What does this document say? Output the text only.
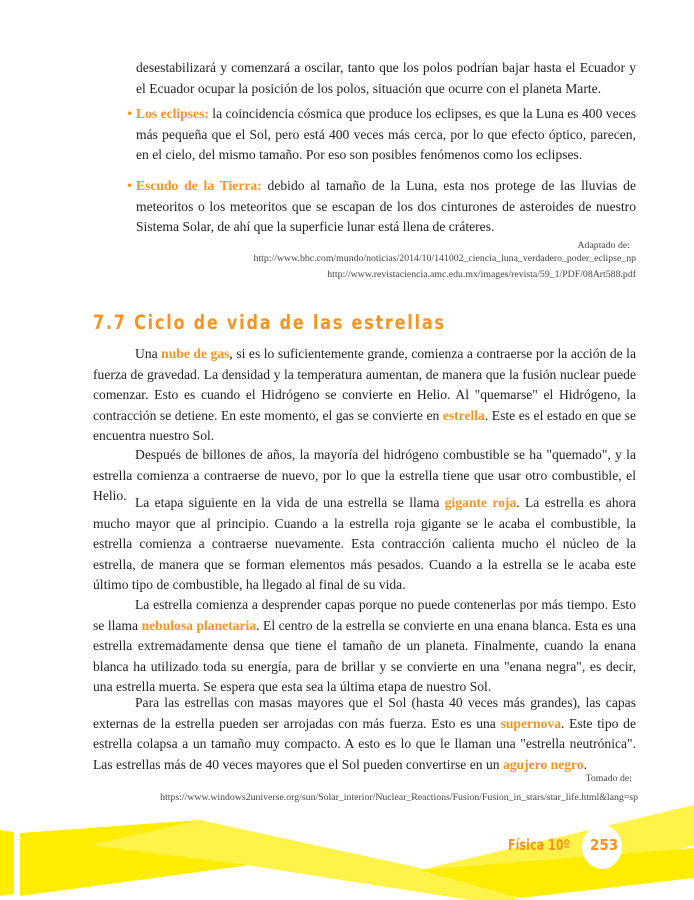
desestabilizará y comenzará a oscilar, tanto que los polos podrían bajar hasta el Ecuador y el Ecuador ocupar la posición de los polos, situación que ocurre con el planeta Marte.
• Los eclipses: la coincidencia cósmica que produce los eclipses, es que la Luna es 400 veces más pequeña que el Sol, pero está 400 veces más cerca, por lo que efecto óptico, parecen, en el cielo, del mismo tamaño. Por eso son posibles fenómenos como los eclipses.
• Escudo de la Tierra: debido al tamaño de la Luna, esta nos protege de las lluvias de meteoritos o los meteoritos que se escapan de los dos cinturones de asteroides de nuestro Sistema Solar, de ahí que la superficie lunar está llena de cráteres.
Adaptado de:
http://www.bbc.com/mundo/noticias/2014/10/141002_ciencia_luna_verdadero_poder_eclipse_np
http://www.revistaciencia.amc.edu.mx/images/revista/59_1/PDF/08Art588.pdf
7.7 Ciclo de vida de las estrellas
Una nube de gas, si es lo suficientemente grande, comienza a contraerse por la acción de la fuerza de gravedad. La densidad y la temperatura aumentan, de manera que la fusión nuclear puede comenzar. Esto es cuando el Hidrógeno se convierte en Helio. Al "quemarse" el Hidrógeno, la contracción se detiene. En este momento, el gas se convierte en estrella. Este es el estado en que se encuentra nuestro Sol.
Después de billones de años, la mayoría del hidrógeno combustible se ha "quemado", y la estrella comienza a contraerse de nuevo, por lo que la estrella tiene que usar otro combustible, el Helio. La etapa siguiente en la vida de una estrella se llama gigante roja. La estrella es ahora mucho mayor que al principio. Cuando a la estrella roja gigante se le acaba el combustible, la estrella comienza a contraerse nuevamente. Esta contracción calienta mucho el núcleo de la estrella, de manera que se forman elementos más pesados. Cuando a la estrella se le acaba este último tipo de combustible, ha llegado al final de su vida.
La estrella comienza a desprender capas porque no puede contenerlas por más tiempo. Esto se llama nebulosa planetaria. El centro de la estrella se convierte en una enana blanca. Esta es una estrella extremadamente densa que tiene el tamaño de un planeta. Finalmente, cuando la enana blanca ha utilizado toda su energía, para de brillar y se convierte en una "enana negra", es decir, una estrella muerta. Se espera que esta sea la última etapa de nuestro Sol.
Para las estrellas con masas mayores que el Sol (hasta 40 veces más grandes), las capas externas de la estrella pueden ser arrojadas con más fuerza. Esto es una supernova. Este tipo de estrella colapsa a un tamaño muy compacto. A esto es lo que le llaman una "estrella neutrónica". Las estrellas más de 40 veces mayores que el Sol pueden convertirse en un agujero negro.
Tomado de:
https://www.windows2universe.org/sun/Solar_interior/Nuclear_Reactions/Fusion/Fusion_in_stars/star_life.html&lang=sp
Física 10º 253
